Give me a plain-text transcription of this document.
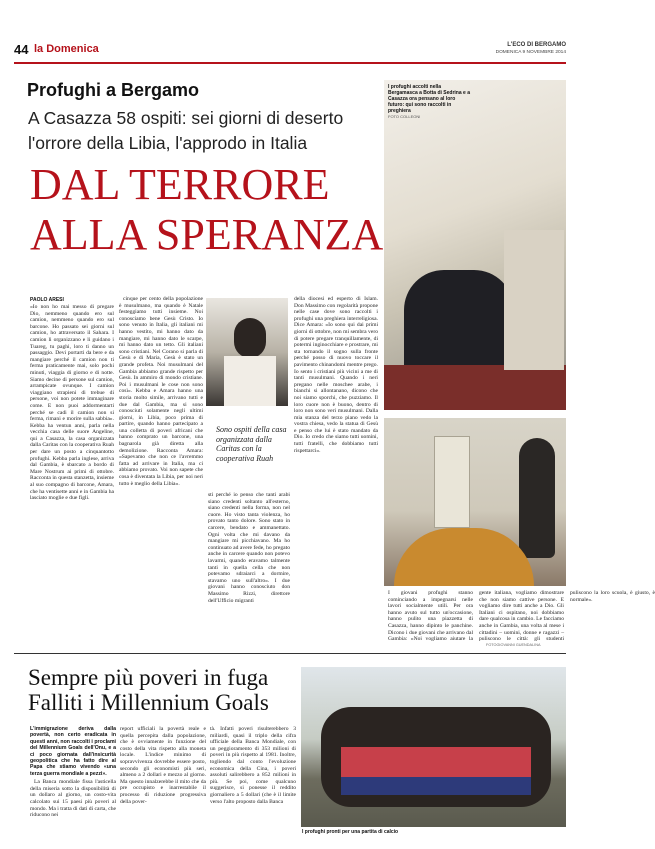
44 la Domenica	L'ECO DI BERGAMO
DOMENICA 9 NOVEMBRE 2014
Profughi a Bergamo
A Casazza 58 ospiti: sei giorni di deserto
l'orrore della Libia, l'approdo in Italia
DAL TERRORE
ALLA SPERANZA
I profughi accolti nella Bergamasca a Botta di Sedrina e a Casazza ora pensano al loro futuro: qui sono raccolti in preghiera
FOTO COLLEONI
PAOLO ARESI

«Io non ho mai messo di pregare Dio, nemmeno quando ero sul camion, nemmeno quando ero sul barcone. Ho passato sei giorni sul camion, ho attraversato il Sahara. I camion li organizzano e li guidano i Tuareg, tu paghi, loro ti danno un passaggio. Devi portarti da bere e da mangiare perché il camion non ti ferma praticamente mai, solo pochi minuti, viaggia di giorno e di notte. Siamo decine di persone sul camion, arrampicate ovunque. I camion viaggiano strapieni di trebue di persone, voi non potete immaginare come. E non puoi addormentarti perché se cadi il camion non si ferma, rimani e morire sulla sabbia». Kebba ha ventun anni, parla nella vecchia casa delle suore Angeline, qui a Casazza, la casa organizzata dalla Caritas con la cooperativa Ruah per dare un posto a cinquantotto profughi. Kebba parla inglese, arriva dal Gambia, è sbarcato a bordo di Mare Nostrum ai primi di ottobre. Racconta in questa stanzetta, insieme al suo compagno di barcone, Amara, che ha ventisette anni e in Gambia ha lasciato moglie e due figli.

cinque per cento della popolazione è musulmano, ma quando è Natale festeggiamo tutti insieme. Noi conosciamo bene Gesù Cristo. Io sono venuto in Italia, gli italiani mi hanno vestito, mi hanno dato da mangiare, mi hanno dato le scarpe, mi hanno dato un tetto. Gli italiani sono cristiani. Nel Corano si parla di Gesù e di Maria, Gesù è stato un grande profeta. Noi musulmani del Gambia abbiamo grande rispetto per Gesù. In ammiro di mondo cristiane. Poi i musulmani le cose non sono così». Kebba e Amara hanno una storia molto simile, arrivano tutti e due dal Gambia, ma si sono conosciuti solamente negli ultimi giorni, in Libia, poco prima di partire, quando hanno partecipato a una colletta di poveri africani che hanno comprato un barcone, una bagnarola già diretta alla demolizione. Racconta Amara: «Sapevamo che non ce l'avremmo fatta ad arrivare in Italia, ma ci abbiamo provato. Voi non sapete che cosa è diventata la Libia, per noi neri tutto è meglio della Libia».

Sono ospiti della casa organizzata dalla Caritas con la cooperativa Ruah

sti perché io penso che tanti arabi siano credenti soltanto all'esterno, siano credenti nella forma, non nel cuore. Ho visto tanta violenza, ho provato tanto dolore. Sono stato in carcere, bendato e ammanettato. Ogni volta che mi davano da mangiare mi picchiavano. Ma ho continuato ad avere fede, ho pregato anche in carcere quando non potevo lavarmi, quando eravamo talmente tanti in quella cella che non potevamo sdraiarci a dormire, stavamo uno sull'altro». I due giovani hanno conosciuto don Massimo Rizzi, direttore dell'Ufficio migranti

della diocesi ed esperto di Islam. Don Massimo con regolarità propone nelle case dove sono raccolti i profughi una preghiera interreligiosa. Dice Amara: «Io sono qui dai primi giorni di ottobre, non mi sembra vero di potere pregare tranquillamente, di potermi inginocchiare e prostrare, mi sta tornando il sogno sulla fronte perché posso di nuovo toccare il pavimento chinandomi mentre prego. Io sento i cristiani più vicini a me di tanti musulmani. Quando i neri pregano nelle moschee arabe, i bianchi si allontanano, dicono che noi siamo sporchi, che puzziamo. Il loro cuore non è buono, dentro di loro non sono veri musulmani. Dalla mia stanza del terzo piano vedo la vostra chiesa, vedo la statua di Gesù e penso che lui è stato mandato da Dio. Io credo che siamo tutti uomini, tutti fratelli, che dobbiamo tutti rispettarci».

I giovani profughi stanno cominciando a impegnarsi nelle lavori socialmente utili. Per ora hanno avuto sul tutto un'occasione, hanno pulito una piazzetta di Casazza, hanno dipinto le panchine. Dicono i due giovani che arrivano dal Gambia: «Noi vogliamo aiutare la gente italiana, vogliamo dimostrare che non siamo cattive persone. E vogliamo dire tutti anche a Dio. Gli Italiani ci ospitano, noi dobbiamo dare qualcosa in cambio. Le facciamo anche in Gambia, una volta al mese i cittadini – uomini, donne e ragazzi – puliscono le città: gli studenti puliscono la loro scuola, è giusto, è normale».

FOTOGIOVANNI GUENDALINA
Sempre più poveri in fuga
Falliti i Millennium Goals

L'immigrazione deriva dalla povertà, non certo eradicata in questi anni, non raccolti i proclami del Millennium Goals dell'Onu, e a ci poco giornata dall'insicurità geopolitica che ha fatto dire al Papa che stiamo vivendo «una terza guerra mondiale a pezzi».

La Banca mondiale fissa l'asticella della miseria sotto la disponibilità di un dollaro al giorno, un costo-vita calcolato sui 15 paesi più poveri al mondo. Ma i tratta di dati di carta, che riducono nei

report ufficiali la povertà reale e quella percepita dalla popolazione, che è ovviamente in funzione del costo della vita rispetto alla moneta locale. L'indice minimo di sopravvivenza dovrebbe essere posto, secondo gli economisti più seri, almeno a 2 dollari e mezzo al giorno. Ma questo innalzerebbe il mito che da pre occupisto e inarrestabile il processo di riduzione progressiva della pover-

tà. Infatti poveri risulterebbero 3 miliardi, quasi il triplo della cifra ufficiale della Banca Mondiale, con un peggioramento di 353 milioni di poveri in più rispetto al 1981. Inoltre, togliendo dal conto l'evoluzione economica della Cina, i poveri assoluti salirebbero a 852 milioni in più. Se poi, come qualcuno suggerisce, si ponesse il reddito giornaliero a 5 dollari (che è il limite verso l'alto proposto dalla Banca

I profughi pronti per una partita di calcio
